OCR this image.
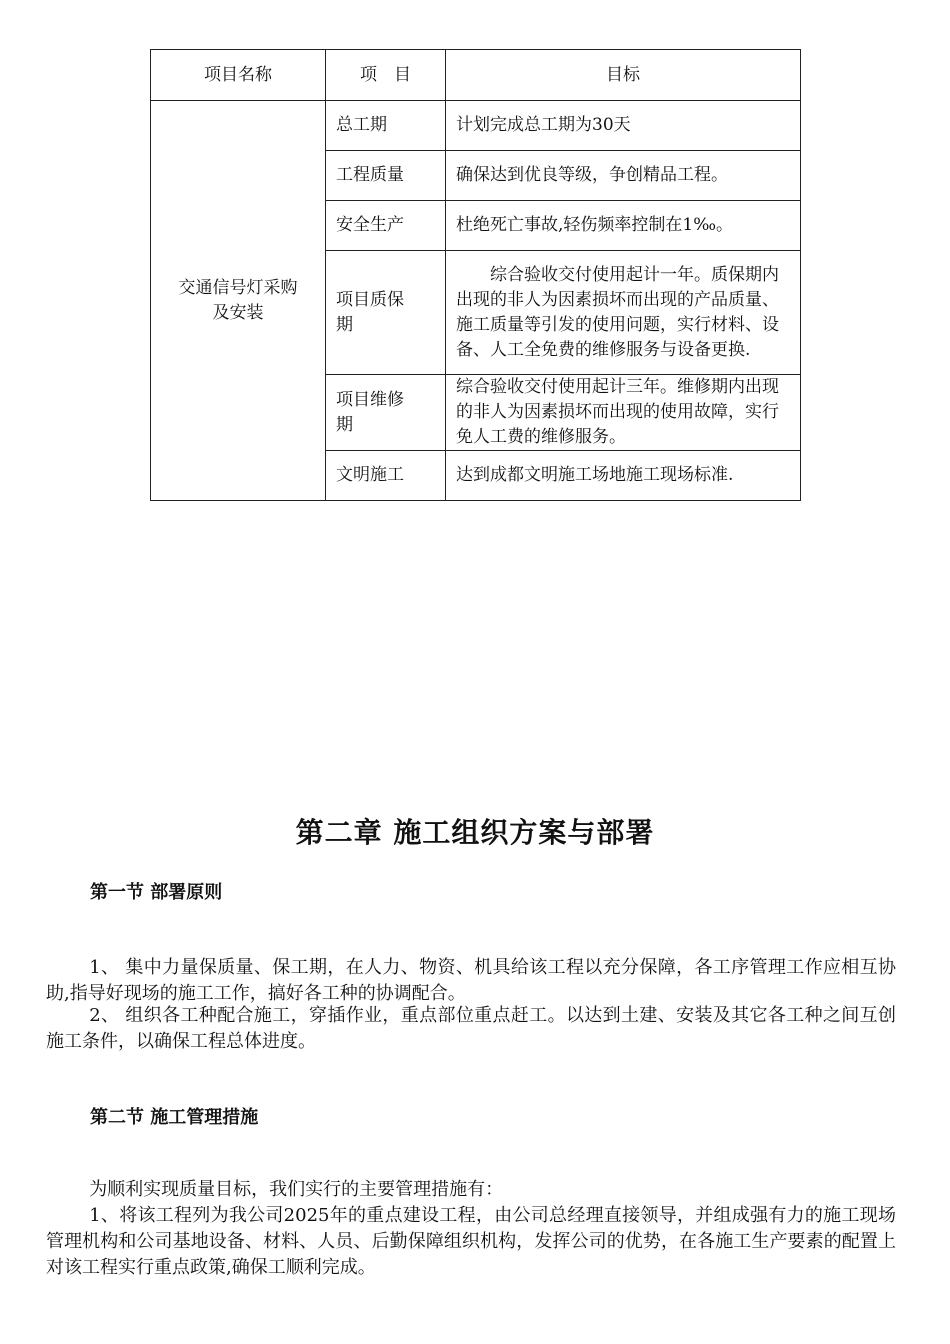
项目名称	项　目	目标

交通信号灯采购及安装	总工期	计划完成总工期为30天
	工程质量	确保达到优良等级，争创精品工程。
	安全生产	杜绝死亡事故,轻伤频率控制在1‰。

	项目质保期	综合验收交付使用起计一年。质保期内出现的非人为因素损坏而出现的产品质量、施工质量等引发的使用问题，实行材料、设备、人工全免费的维修服务与设备更换.

	项目维修期	综合验收交付使用起计三年。维修期内出现的非人为因素损坏而出现的使用故障，实行免人工费的维修服务。
	文明施工	达到成都文明施工场地施工现场标准.
第二章 施工组织方案与部署
第一节 部署原则

1、 集中力量保质量、保工期，在人力、物资、机具给该工程以充分保障，各工序管理工作应相互协助,指导好现场的施工工作，搞好各工种的协调配合。

2、 组织各工种配合施工，穿插作业，重点部位重点赶工。以达到土建、安装及其它各工种之间互创施工条件，以确保工程总体进度。

第二节 施工管理措施

为顺利实现质量目标，我们实行的主要管理措施有：

1、将该工程列为我公司2025年的重点建设工程，由公司总经理直接领导，并组成强有力的施工现场管理机构和公司基地设备、材料、人员、后勤保障组织机构，发挥公司的优势，在各施工生产要素的配置上对该工程实行重点政策,确保工顺利完成。
